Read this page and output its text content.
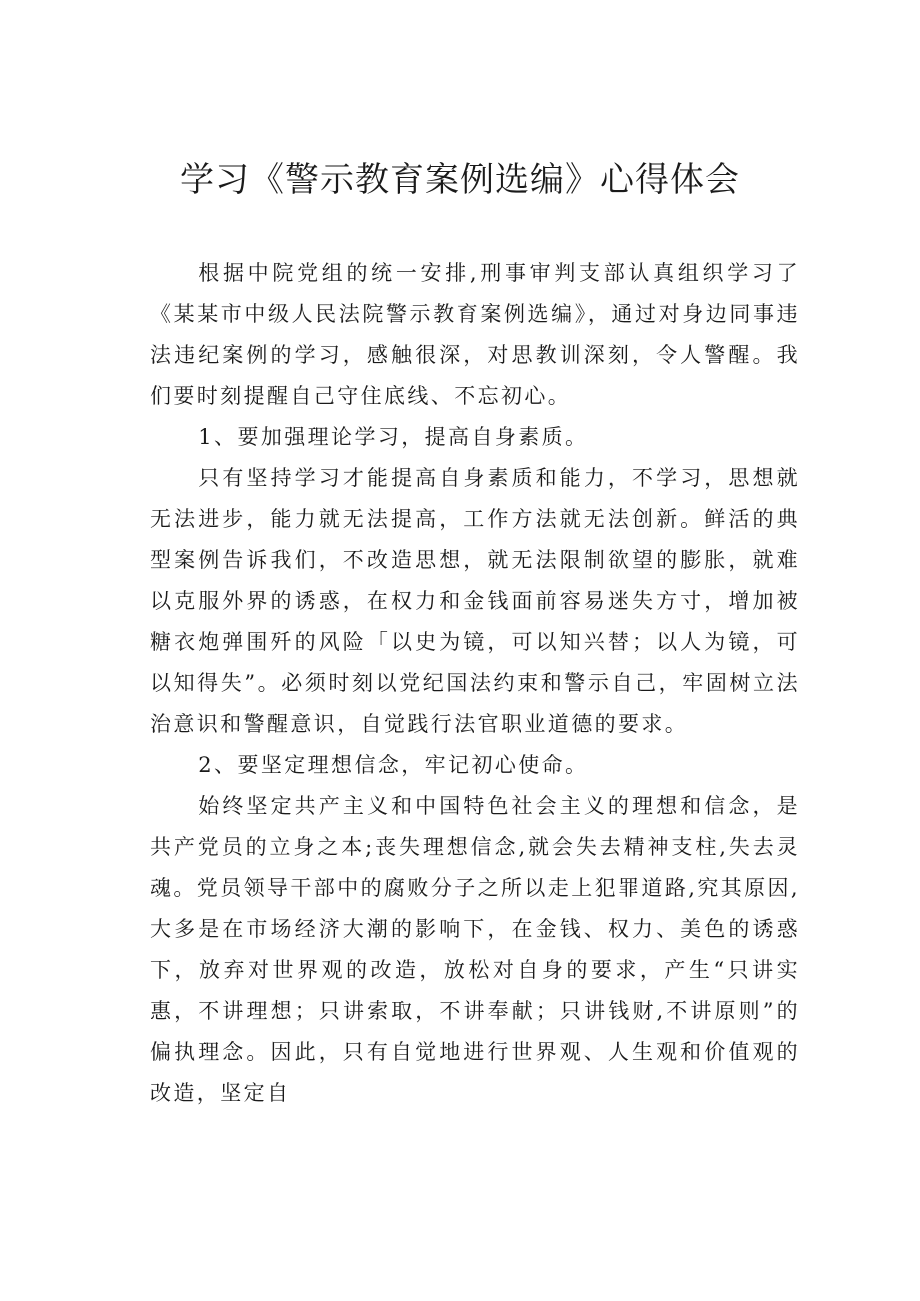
学习《警示教育案例选编》心得体会

根据中院党组的统一安排,刑事审判支部认真组织学习了《某某市中级人民法院警示教育案例选编》，通过对身边同事违法违纪案例的学习，感触很深，对思教训深刻，令人警醒。我们要时刻提醒自己守住底线、不忘初心。

1、要加强理论学习，提高自身素质。

只有坚持学习才能提高自身素质和能力，不学习，思想就无法进步，能力就无法提高，工作方法就无法创新。鲜活的典型案例告诉我们，不改造思想，就无法限制欲望的膨胀，就难以克服外界的诱惑，在权力和金钱面前容易迷失方寸，增加被糖衣炮弹围歼的风险「以史为镜，可以知兴替；以人为镜，可以知得失”。必须时刻以党纪国法约束和警示自己，牢固树立法治意识和警醒意识，自觉践行法官职业道德的要求。

2、要坚定理想信念，牢记初心使命。

始终坚定共产主义和中国特色社会主义的理想和信念，是共产党员的立身之本;丧失理想信念,就会失去精神支柱,失去灵魂。党员领导干部中的腐败分子之所以走上犯罪道路,究其原因,大多是在市场经济大潮的影响下，在金钱、权力、美色的诱惑下，放弃对世界观的改造，放松对自身的要求，产生“只讲实惠，不讲理想；只讲索取，不讲奉献；只讲钱财,不讲原则”的偏执理念。因此，只有自觉地进行世界观、人生观和价值观的改造，坚定自
